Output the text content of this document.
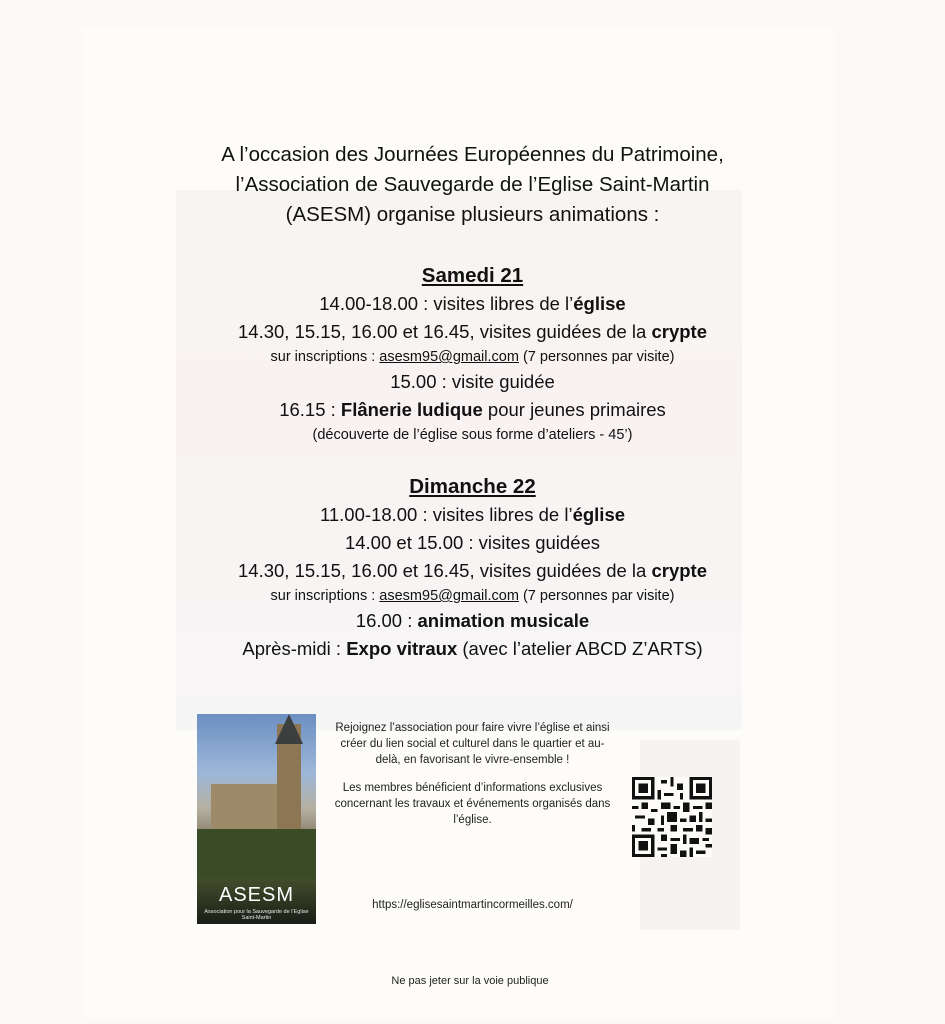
A l’occasion des Journées Européennes du Patrimoine,
l’Association de Sauvegarde de l’Eglise Saint-Martin
(ASESM) organise plusieurs animations :
Samedi 21
14.00-18.00 : visites libres de l’église
14.30, 15.15, 16.00 et 16.45, visites guidées de la crypte
sur inscriptions : asesm95@gmail.com (7 personnes par visite)
15.00 : visite guidée
16.15 : Flânerie ludique pour jeunes primaires
(découverte de l’église sous forme d’ateliers - 45’)
Dimanche 22
11.00-18.00 : visites libres de l’église
14.00 et 15.00 : visites guidées
14.30, 15.15, 16.00 et 16.45, visites guidées de la crypte
sur inscriptions : asesm95@gmail.com (7 personnes par visite)
16.00 : animation musicale
Après-midi : Expo vitraux (avec l’atelier ABCD Z’ARTS)
ASESM
Association pour la Sauvegarde de l’Eglise Saint-Martin

Rejoignez l’association pour faire vivre l’église et ainsi créer du lien social et culturel dans le quartier et au-delà, en favorisant le vivre-ensemble !

Les membres bénéficient d’informations exclusives concernant les travaux et événements organisés dans l’église.

https://eglisesaintmartincormeilles.com/
Ne pas jeter sur la voie publique
